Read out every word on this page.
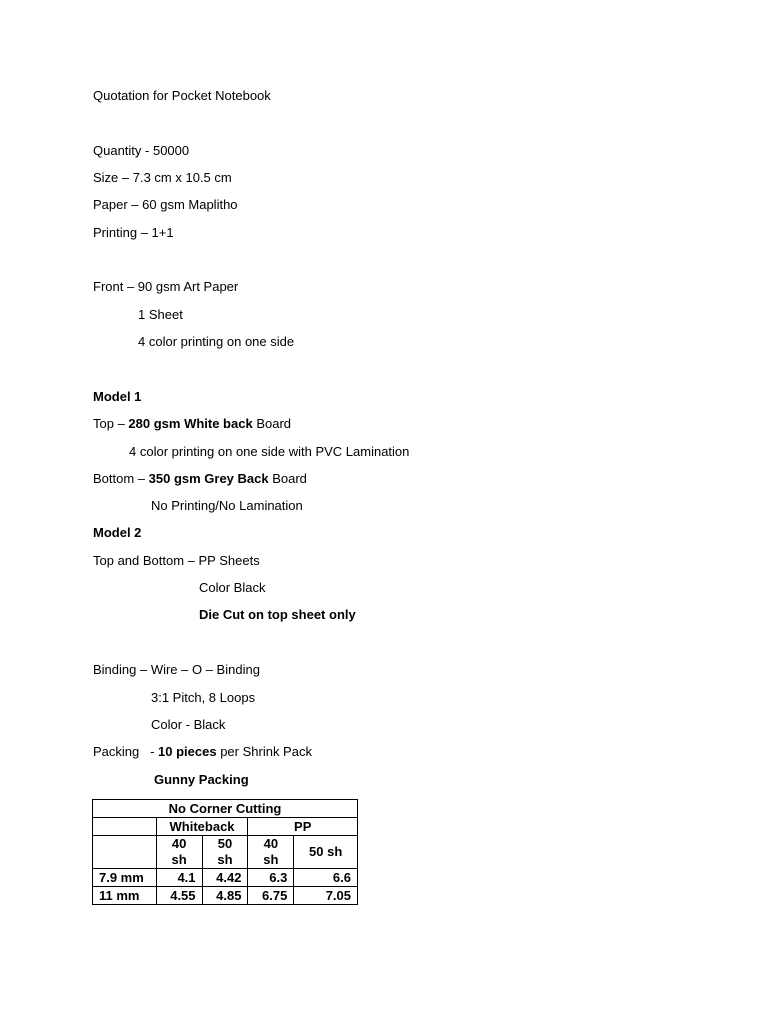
Quotation for Pocket Notebook
Quantity - 50000
Size – 7.3 cm x 10.5 cm
Paper – 60 gsm Maplitho
Printing – 1+1
Front – 90 gsm Art Paper
1 Sheet
4 color printing on one side
Model 1
Top – 280 gsm White back Board
4 color printing on one side with PVC Lamination
Bottom – 350 gsm Grey Back Board
No Printing/No Lamination
Model 2
Top and Bottom – PP Sheets
Color Black
Die Cut on top sheet only
Binding – Wire – O – Binding
3:1 Pitch, 8 Loops
Color - Black
Packing   - 10 pieces per Shrink Pack
Gunny Packing
No Corner Cutting				
	Whiteback		PP	
	40 sh	50 sh	40 sh	50 sh
7.9 mm	4.1	4.42	6.3	6.6
11 mm	4.55	4.85	6.75	7.05
